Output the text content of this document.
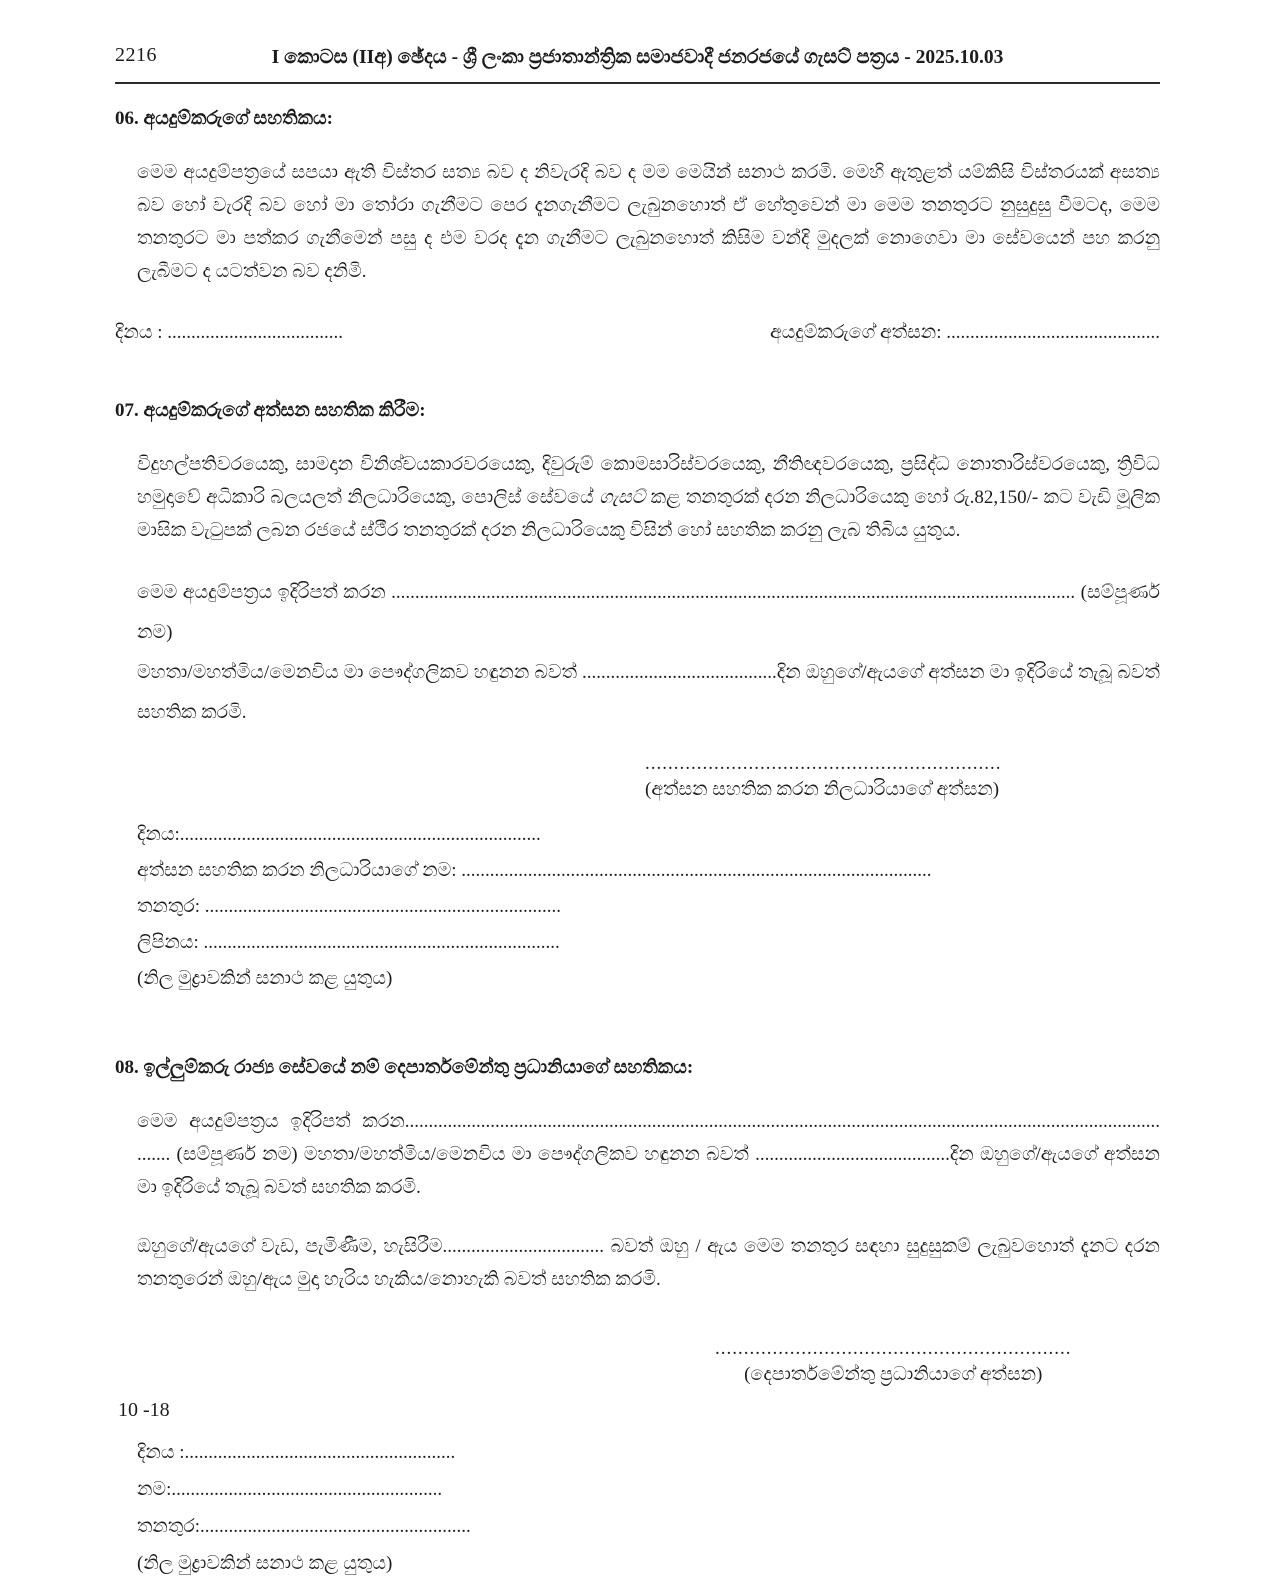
2216	I කොටස (IIඅ) ඡේදය - ශ්‍රී ලංකා ප්‍රජාතාන්ත්‍රික සමාජවාදී ජනරජයේ ගැසට් පත්‍රය - 2025.10.03
06. අයදුම්කරුගේ සහතිකය:

මෙම අයදුම්පත්‍රයේ සපයා ඇති විස්තර සත්‍ය බව ද නිවැරදි බව ද මම මෙයින් සනාථ කරමි. මෙහි ඇතුළත් යම්කිසි විස්තරයක් අසත්‍ය බව හෝ වැරදි බව හෝ මා තෝරා ගැනීමට පෙර දැනගැනීමට ලැබුනහොත් ඒ හේතුවෙන් මා මෙම තනතුරට නුසුදුසු වීමටද, මෙම තනතුරට මා පත්කර ගැනීමෙන් පසු ද එම වරද දැන ගැනීමට ලැබුනහොත් කිසිම වන්දි මුදලක් නොගෙවා මා සේවයෙන් පහ කරනු ලැබීමට ද යටත්වන බව දනිමි.

දිනය : .....................................	අයදුම්කරුගේ අත්සන: .............................................
07. අයදුම්කරුගේ අත්සන සහතික කිරීම:

විදුහල්පතිවරයෙකු, සාමදාන විනිශ්චයකාරවරයෙකු, දිවුරුම් කොමසාරිස්වරයෙකු, නීතිඥවරයෙකු, ප්‍රසිද්ධ නොතාරිස්වරයෙකු, ත්‍රිවිධ හමුදාවේ අධිකාරි බලයලත් නිලධාරියෙකු, පොලිස් සේවයේ ගැසට් කළ තනතුරක් දරන නිලධාරියෙකු හෝ රු.82,150/- කට වැඩි මූලික මාසික වැටුපක් ලබන රජයේ ස්ථීර තනතුරක් දරන නිලධාරියෙකු විසින් හෝ සහතික කරනු ලැබ තිබිය යුතුය.

මෙම අයදුම්පත්‍රය ඉදිරිපත් කරන ................................................................................................................................................ (සම්පූර්ණ නම)

මහතා/මහත්මිය/මෙනවිය මා පෞද්ගලිකව හඳුනන බවත් .........................................දින ඔහුගේ/ඇයගේ අත්සන මා ඉදිරියේ තැබූ බවත් සහතික කරමි.

..............................................................
(අත්සන සහතික කරන නිලධාරියාගේ අත්සන)

දිනය:............................................................................

අත්සන සහතික කරන නිලධාරියාගේ නම: ...................................................................................................

තනතුර: ...........................................................................

ලිපිනය: ...........................................................................

(නිල මුද්‍රාවකින් සනාථ කළ යුතුය)

08. ඉල්ලුම්කරු රාජ්‍ය සේවයේ නම් දෙපාර්තමේන්තු ප්‍රධානියාගේ සහතිකය:

මෙම අයදුම්පත්‍රය ඉදිරිපත් කරන............................................................................................................................................................... ....... (සම්පූර්ණ නම) මහතා/මහත්මිය/මෙනවිය මා පෞද්ගලිකව හඳුනන බවත් .........................................දින ඔහුගේ/ඇයගේ අත්සන මා ඉදිරියේ තැබූ බවත් සහතික කරමි.

ඔහුගේ/ඇයගේ වැඩ, පැමිණීම, හැසිරීම.................................. බවත් ඔහු / ඇය මෙම තනතුර සඳහා සුදුසුකම් ලැබුවහොත් දැනට දරන තනතුරෙන් ඔහු/ඇය මුදා හැරිය හැකිය/නොහැකි බවත් සහතික කරමි.

..............................................................
(දෙපාර්තමේන්තු ප්‍රධානියාගේ අත්සන)

දිනය :.........................................................

නම:.........................................................

තනතුර:.........................................................

(නිල මුද්‍රාවකින් සනාථ කළ යුතුය)

10 -18
